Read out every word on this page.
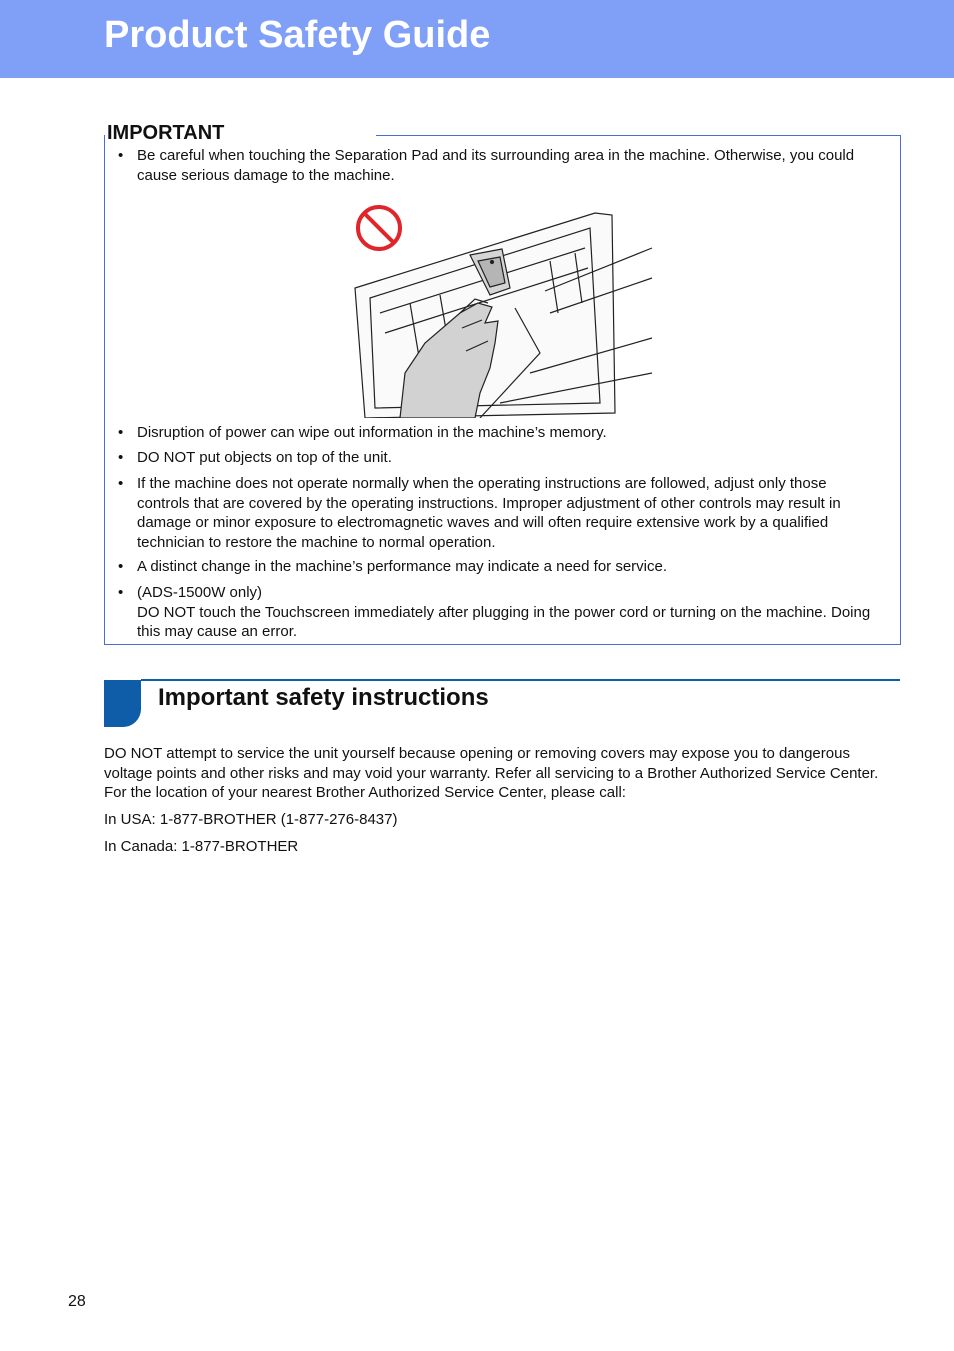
Product Safety Guide
IMPORTANT
• Be careful when touching the Separation Pad and its surrounding area in the machine. Otherwise, you could cause serious damage to the machine.
• Disruption of power can wipe out information in the machine’s memory.
• DO NOT put objects on top of the unit.
• If the machine does not operate normally when the operating instructions are followed, adjust only those controls that are covered by the operating instructions. Improper adjustment of other controls may result in damage or minor exposure to electromagnetic waves and will often require extensive work by a qualified technician to restore the machine to normal operation.
• A distinct change in the machine’s performance may indicate a need for service.
• (ADS-1500W only)
DO NOT touch the Touchscreen immediately after plugging in the power cord or turning on the machine. Doing this may cause an error.
Important safety instructions
DO NOT attempt to service the unit yourself because opening or removing covers may expose you to dangerous voltage points and other risks and may void your warranty. Refer all servicing to a Brother Authorized Service Center. For the location of your nearest Brother Authorized Service Center, please call:
In USA: 1-877-BROTHER (1-877-276-8437)
In Canada: 1-877-BROTHER
28
